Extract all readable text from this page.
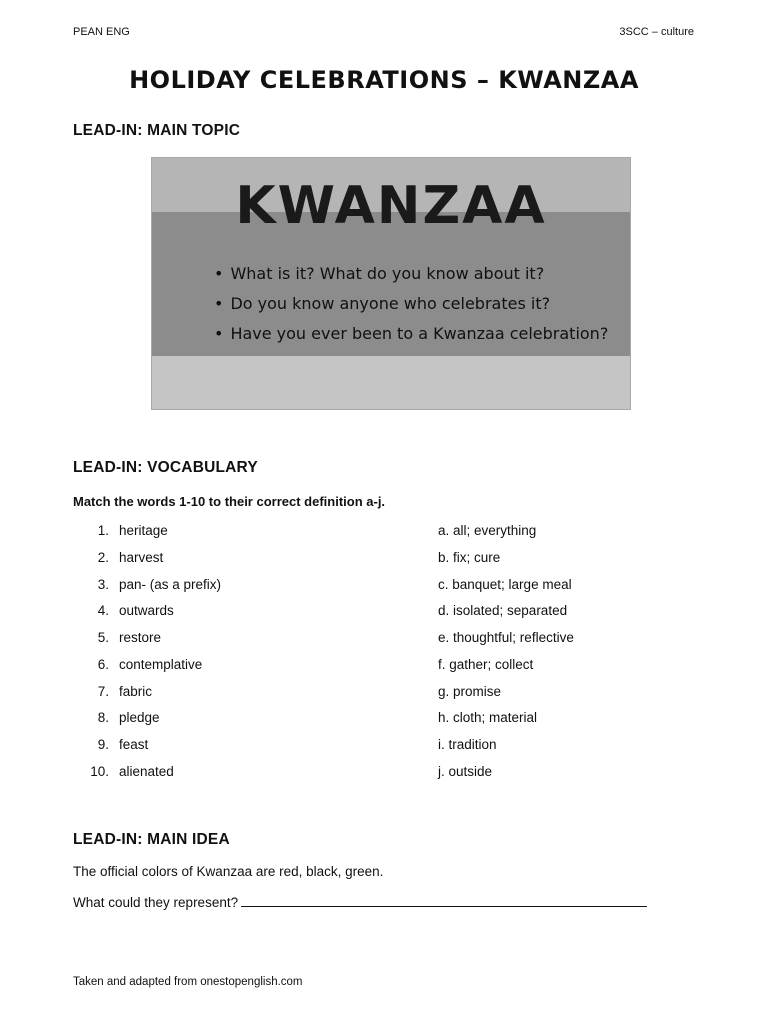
PEAN ENG	3SCC – culture
HOLIDAY CELEBRATIONS – KWANZAA
LEAD-IN: MAIN TOPIC
KWANZAA
• What is it? What do you know about it?
• Do you know anyone who celebrates it?
• Have you ever been to a Kwanzaa celebration?
LEAD-IN: VOCABULARY
Match the words 1-10 to their correct definition a-j.
1. heritage	a. all; everything
2. harvest	b. fix; cure
3. pan- (as a prefix)	c. banquet; large meal
4. outwards	d. isolated; separated
5. restore	e. thoughtful; reflective
6. contemplative	f. gather; collect
7. fabric	g. promise
8. pledge	h. cloth; material
9. feast	i. tradition
10. alienated	j. outside
LEAD-IN: MAIN IDEA
The official colors of Kwanzaa are red, black, green.
What could they represent?
Taken and adapted from onestopenglish.com
